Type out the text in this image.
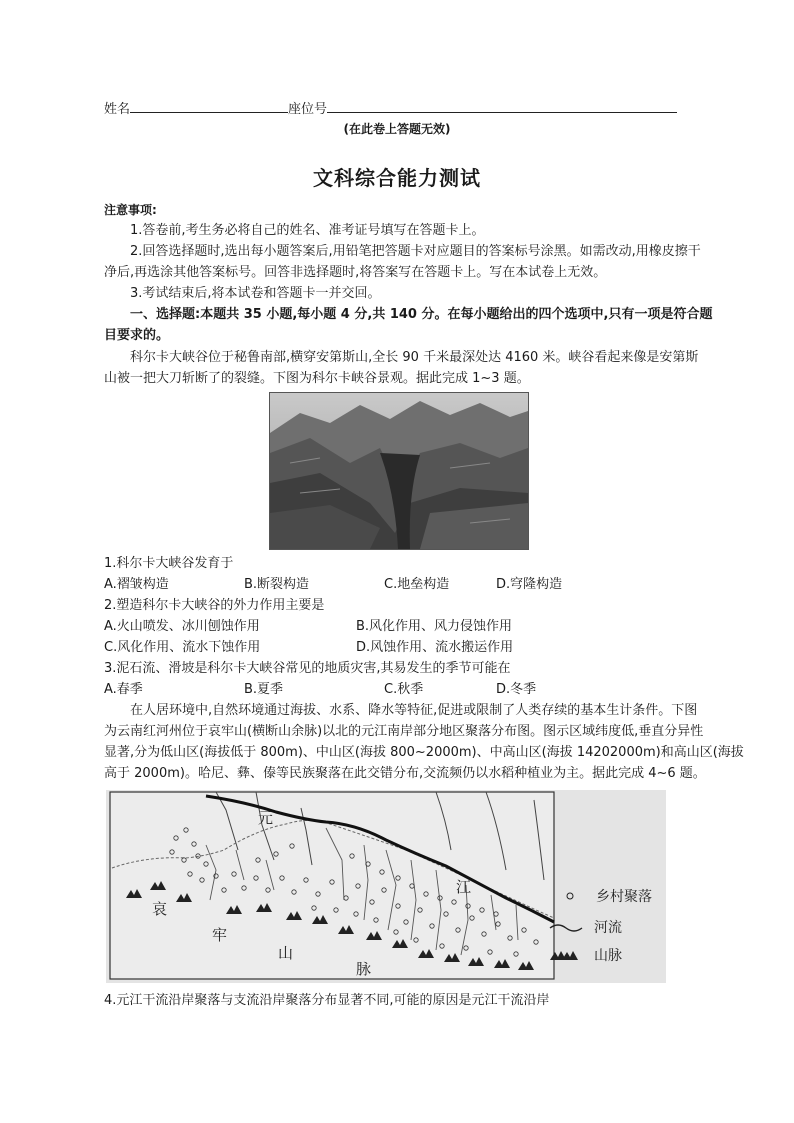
姓名	座位号
(在此卷上答题无效)
文科综合能力测试
注意事项:
1.答卷前,考生务必将自己的姓名、准考证号填写在答题卡上。
2.回答选择题时,选出每小题答案后,用铅笔把答题卡对应题目的答案标号涂黑。如需改动,用橡皮擦干
净后,再选涂其他答案标号。回答非选择题时,将答案写在答题卡上。写在本试卷上无效。
3.考试结束后,将本试卷和答题卡一并交回。
一、选择题:本题共 35 小题,每小题 4 分,共 140 分。在每小题给出的四个选项中,只有一项是符合题
目要求的。
科尔卡大峡谷位于秘鲁南部,横穿安第斯山,全长 90 千米最深处达 4160 米。峡谷看起来像是安第斯
山被一把大刀斩断了的裂缝。下图为科尔卡峡谷景观。据此完成 1~3 题。
1.科尔卡大峡谷发育于
A.褶皱构造	B.断裂构造	C.地垒构造	D.穹隆构造
2.塑造科尔卡大峡谷的外力作用主要是
A.火山喷发、冰川刨蚀作用	B.风化作用、风力侵蚀作用
C.风化作用、流水下蚀作用	D.风蚀作用、流水搬运作用
3.泥石流、滑坡是科尔卡大峡谷常见的地质灾害,其易发生的季节可能在
A.春季	B.夏季	C.秋季	D.冬季
在人居环境中,自然环境通过海拔、水系、降水等特征,促进或限制了人类存续的基本生计条件。下图
为云南红河州位于哀牢山(横断山余脉)以北的元江南岸部分地区聚落分布图。图示区域纬度低,垂直分异性
显著,分为低山区(海拔低于 800m)、中山区(海拔 800~2000m)、中高山区(海拔 14202000m)和高山区(海拔
高于 2000m)。哈尼、彝、傣等民族聚落在此交错分布,交流频仍以水稻种植业为主。据此完成 4~6 题。
元
江
哀
牢
山
脉
乡村聚落
河流
山脉
4.元江干流沿岸聚落与支流沿岸聚落分布显著不同,可能的原因是元江干流沿岸
